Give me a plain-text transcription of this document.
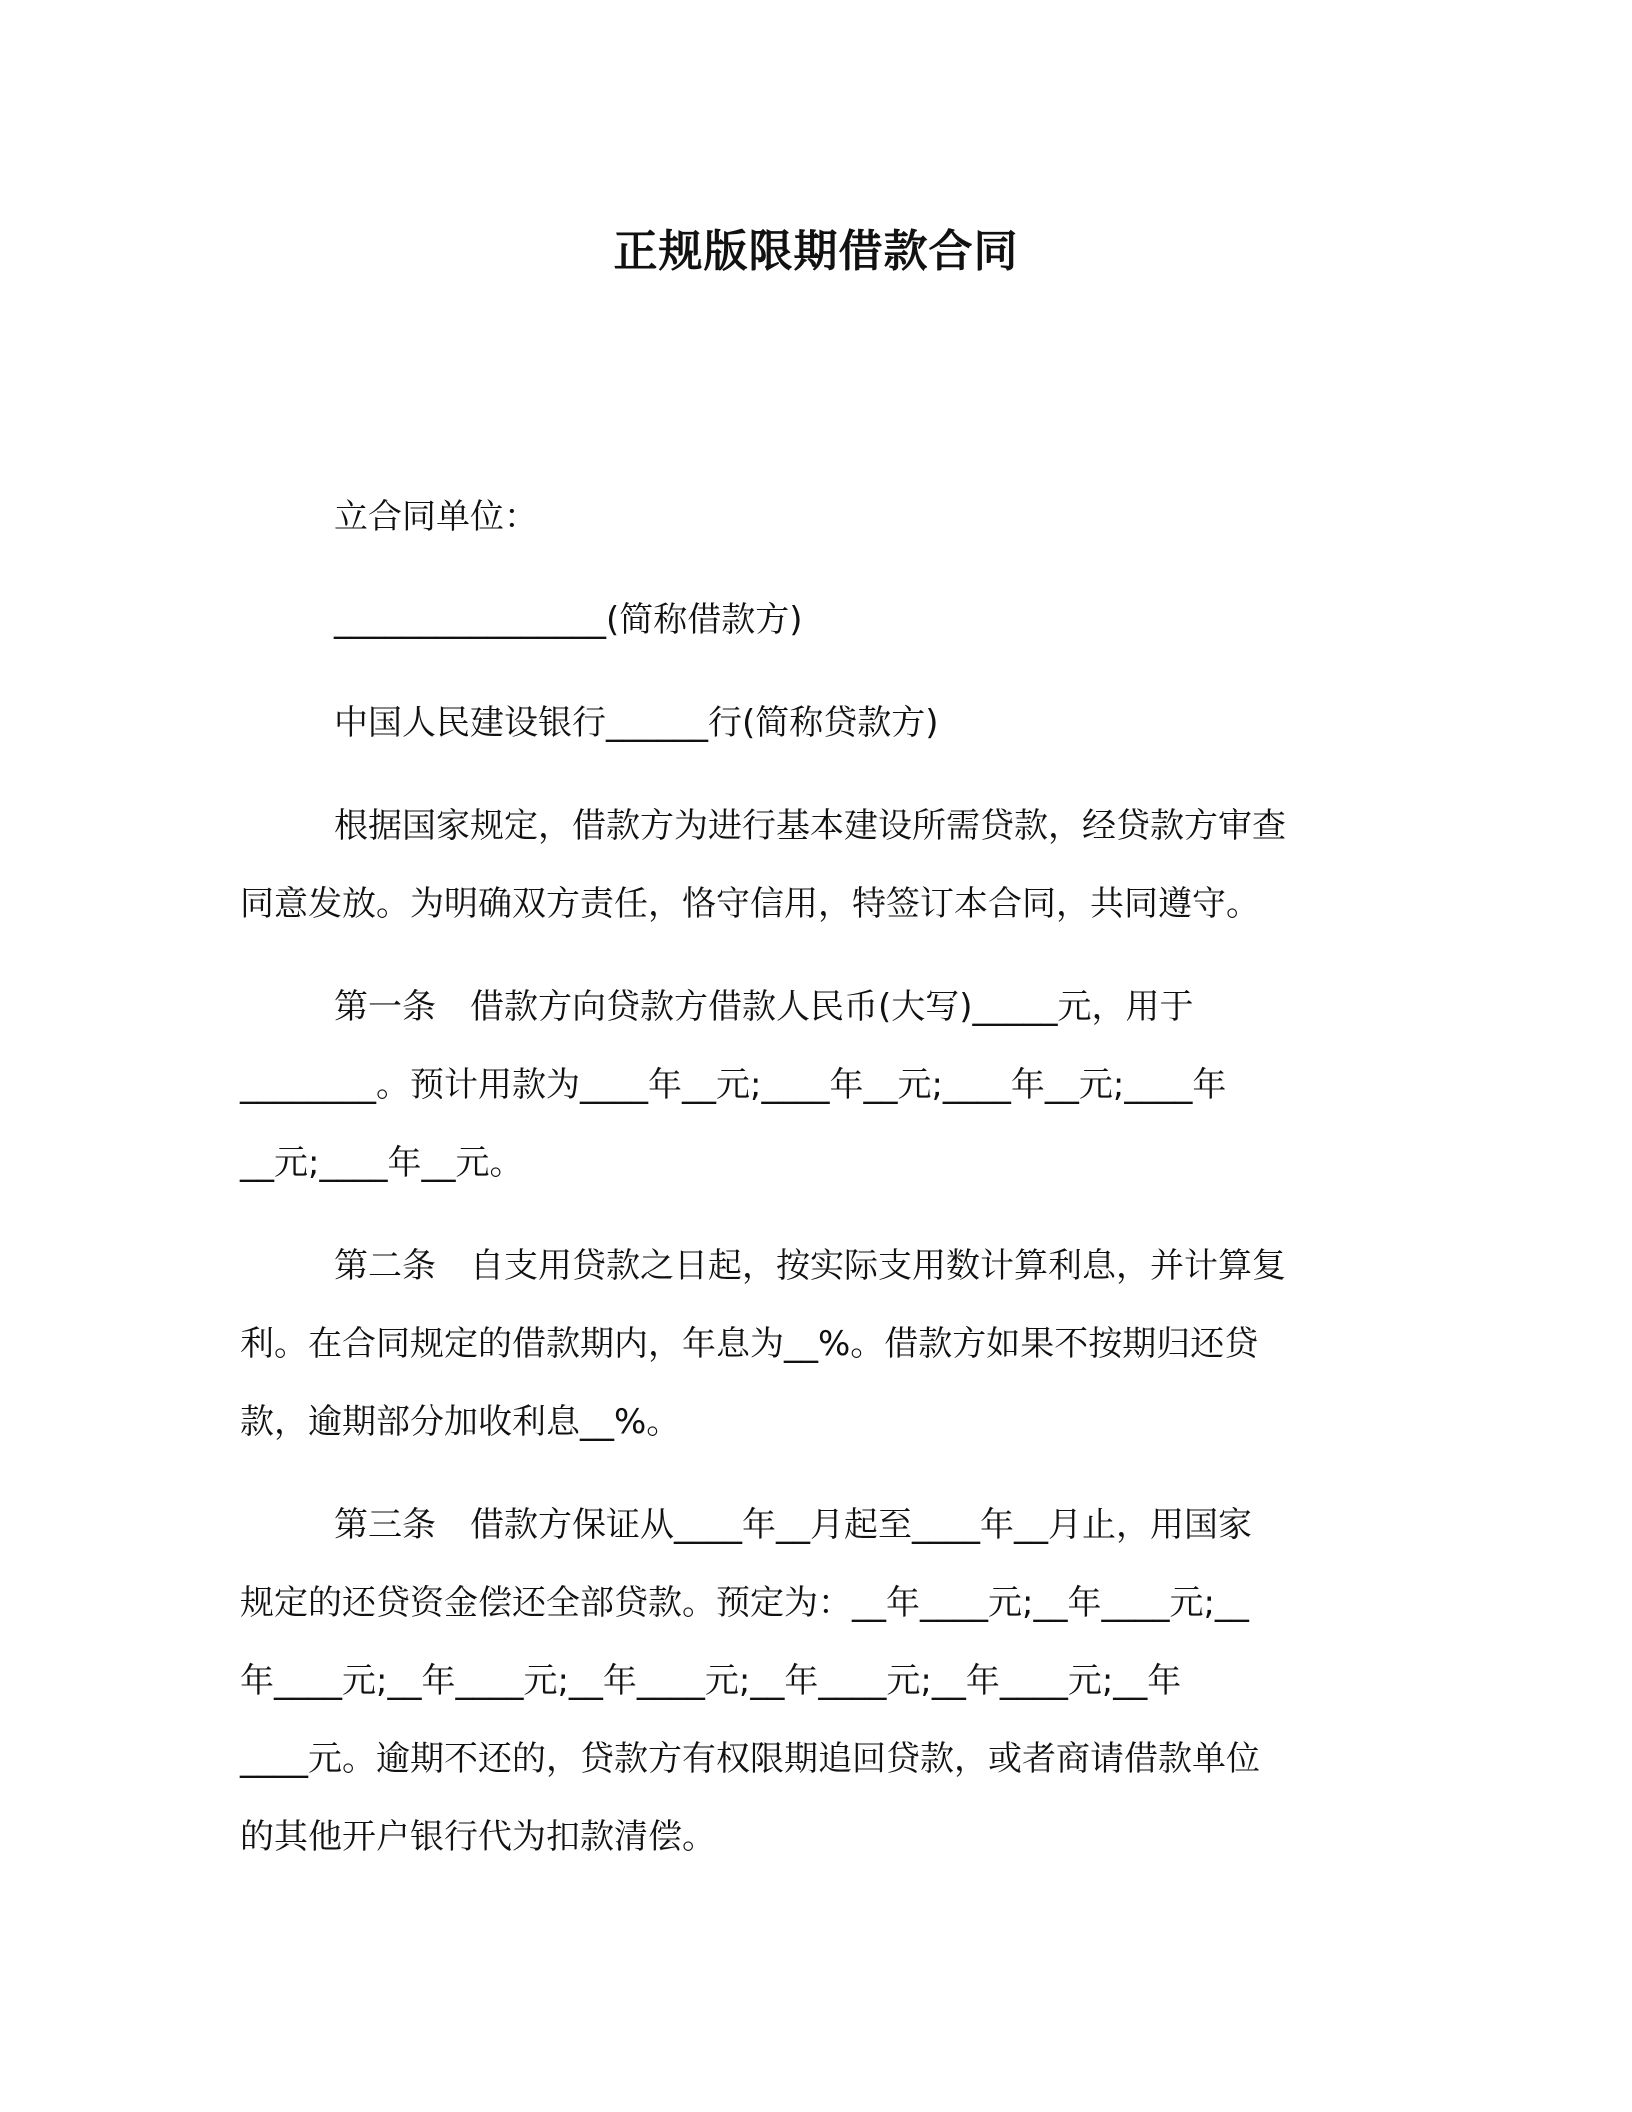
正规版限期借款合同

立合同单位：

________________(简称借款方)

中国人民建设银行______行(简称贷款方)

根据国家规定，借款方为进行基本建设所需贷款，经贷款方审查

同意发放。为明确双方责任，恪守信用，特签订本合同，共同遵守。

第一条　借款方向贷款方借款人民币(大写)_____元，用于

________。预计用款为____年__元;____年__元;____年__元;____年

__元;____年__元。

第二条　自支用贷款之日起，按实际支用数计算利息，并计算复

利。在合同规定的借款期内，年息为__%。借款方如果不按期归还贷

款，逾期部分加收利息__%。

第三条　借款方保证从____年__月起至____年__月止，用国家

规定的还贷资金偿还全部贷款。预定为：__年____元;__年____元;__

年____元;__年____元;__年____元;__年____元;__年____元;__年

____元。逾期不还的，贷款方有权限期追回贷款，或者商请借款单位

的其他开户银行代为扣款清偿。
